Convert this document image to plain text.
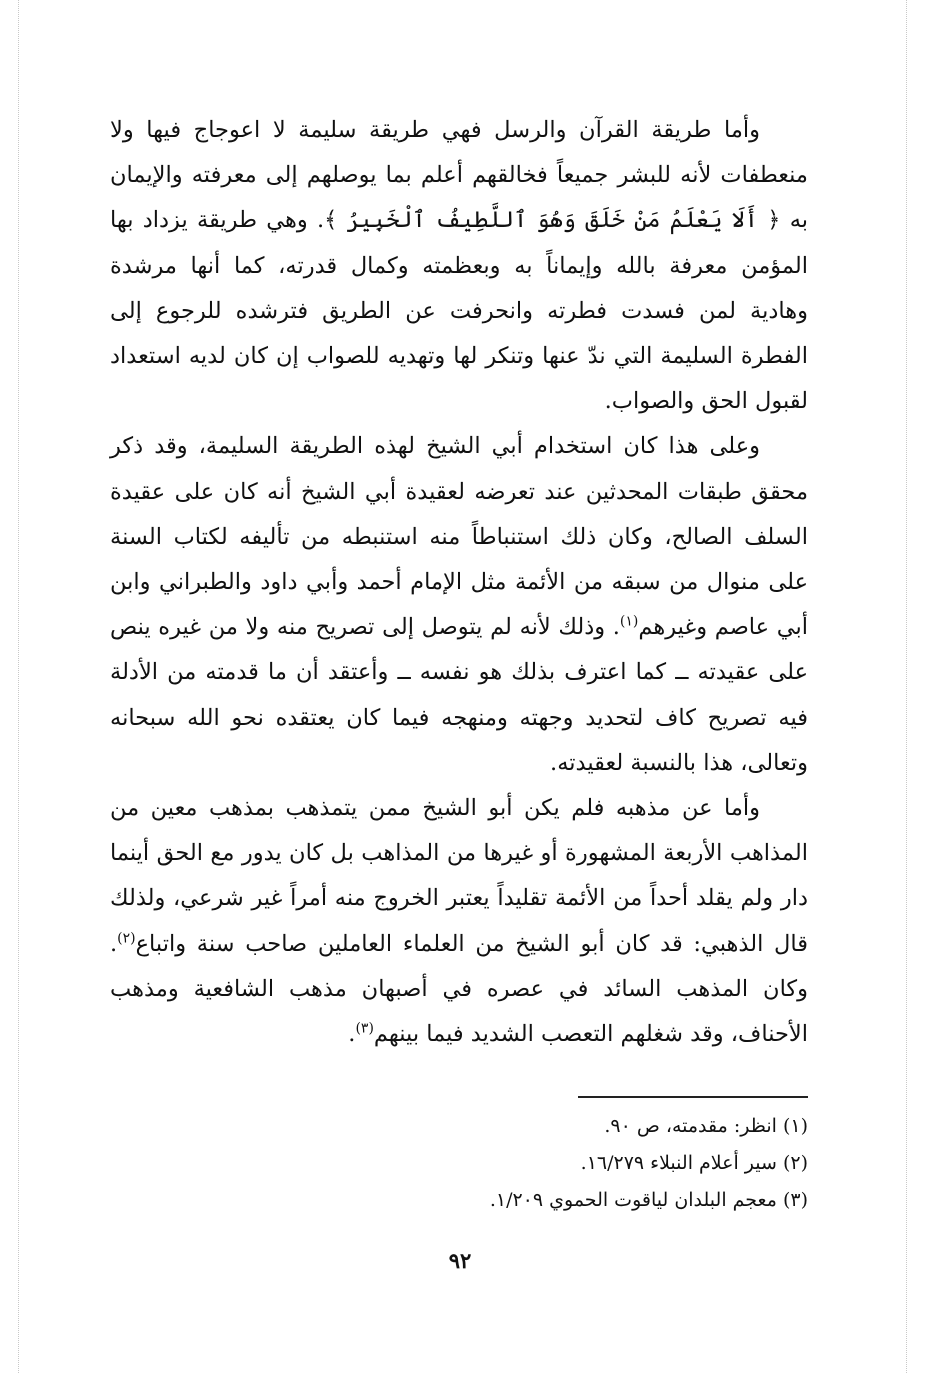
وأما طريقة القرآن والرسل فهي طريقة سليمة لا اعوجاج فيها ولا منعطفات لأنه للبشر جميعاً فخالقهم أعلم بما يوصلهم إلى معرفته والإيمان به ﴿ أَلَا يَعْلَمُ مَنْ خَلَقَ وَهُوَ ٱللَّطِيفُ ٱلْخَبِيرُ ﴾. وهي طريقة يزداد بها المؤمن معرفة بالله وإيماناً به وبعظمته وكمال قدرته، كما أنها مرشدة وهادية لمن فسدت فطرته وانحرفت عن الطريق فترشده للرجوع إلى الفطرة السليمة التي ندّ عنها وتنكر لها وتهديه للصواب إن كان لديه استعداد لقبول الحق والصواب.

وعلى هذا كان استخدام أبي الشيخ لهذه الطريقة السليمة، وقد ذكر محقق طبقات المحدثين عند تعرضه لعقيدة أبي الشيخ أنه كان على عقيدة السلف الصالح، وكان ذلك استنباطاً منه استنبطه من تأليفه لكتاب السنة على منوال من سبقه من الأئمة مثل الإمام أحمد وأبي داود والطبراني وابن أبي عاصم وغيرهم$^{(١)}$. وذلك لأنه لم يتوصل إلى تصريح منه ولا من غيره ينص على عقيدته ــ كما اعترف بذلك هو نفسه ــ وأعتقد أن ما قدمته من الأدلة فيه تصريح كاف لتحديد وجهته ومنهجه فيما كان يعتقده نحو الله سبحانه وتعالى، هذا بالنسبة لعقيدته.

وأما عن مذهبه فلم يكن أبو الشيخ ممن يتمذهب بمذهب معين من المذاهب الأربعة المشهورة أو غيرها من المذاهب بل كان يدور مع الحق أينما دار ولم يقلد أحداً من الأئمة تقليداً يعتبر الخروج منه أمراً غير شرعي، ولذلك قال الذهبي: قد كان أبو الشيخ من العلماء العاملين صاحب سنة واتباع$^{(٢)}$. وكان المذهب السائد في عصره في أصبهان مذهب الشافعية ومذهب الأحناف، وقد شغلهم التعصب الشديد فيما بينهم$^{(٣)}$.

(١) انظر: مقدمته، ص ٩٠.

(٢) سير أعلام النبلاء ١٦/٢٧٩.

(٣) معجم البلدان لياقوت الحموي ١/٢٠٩.

٩٢
